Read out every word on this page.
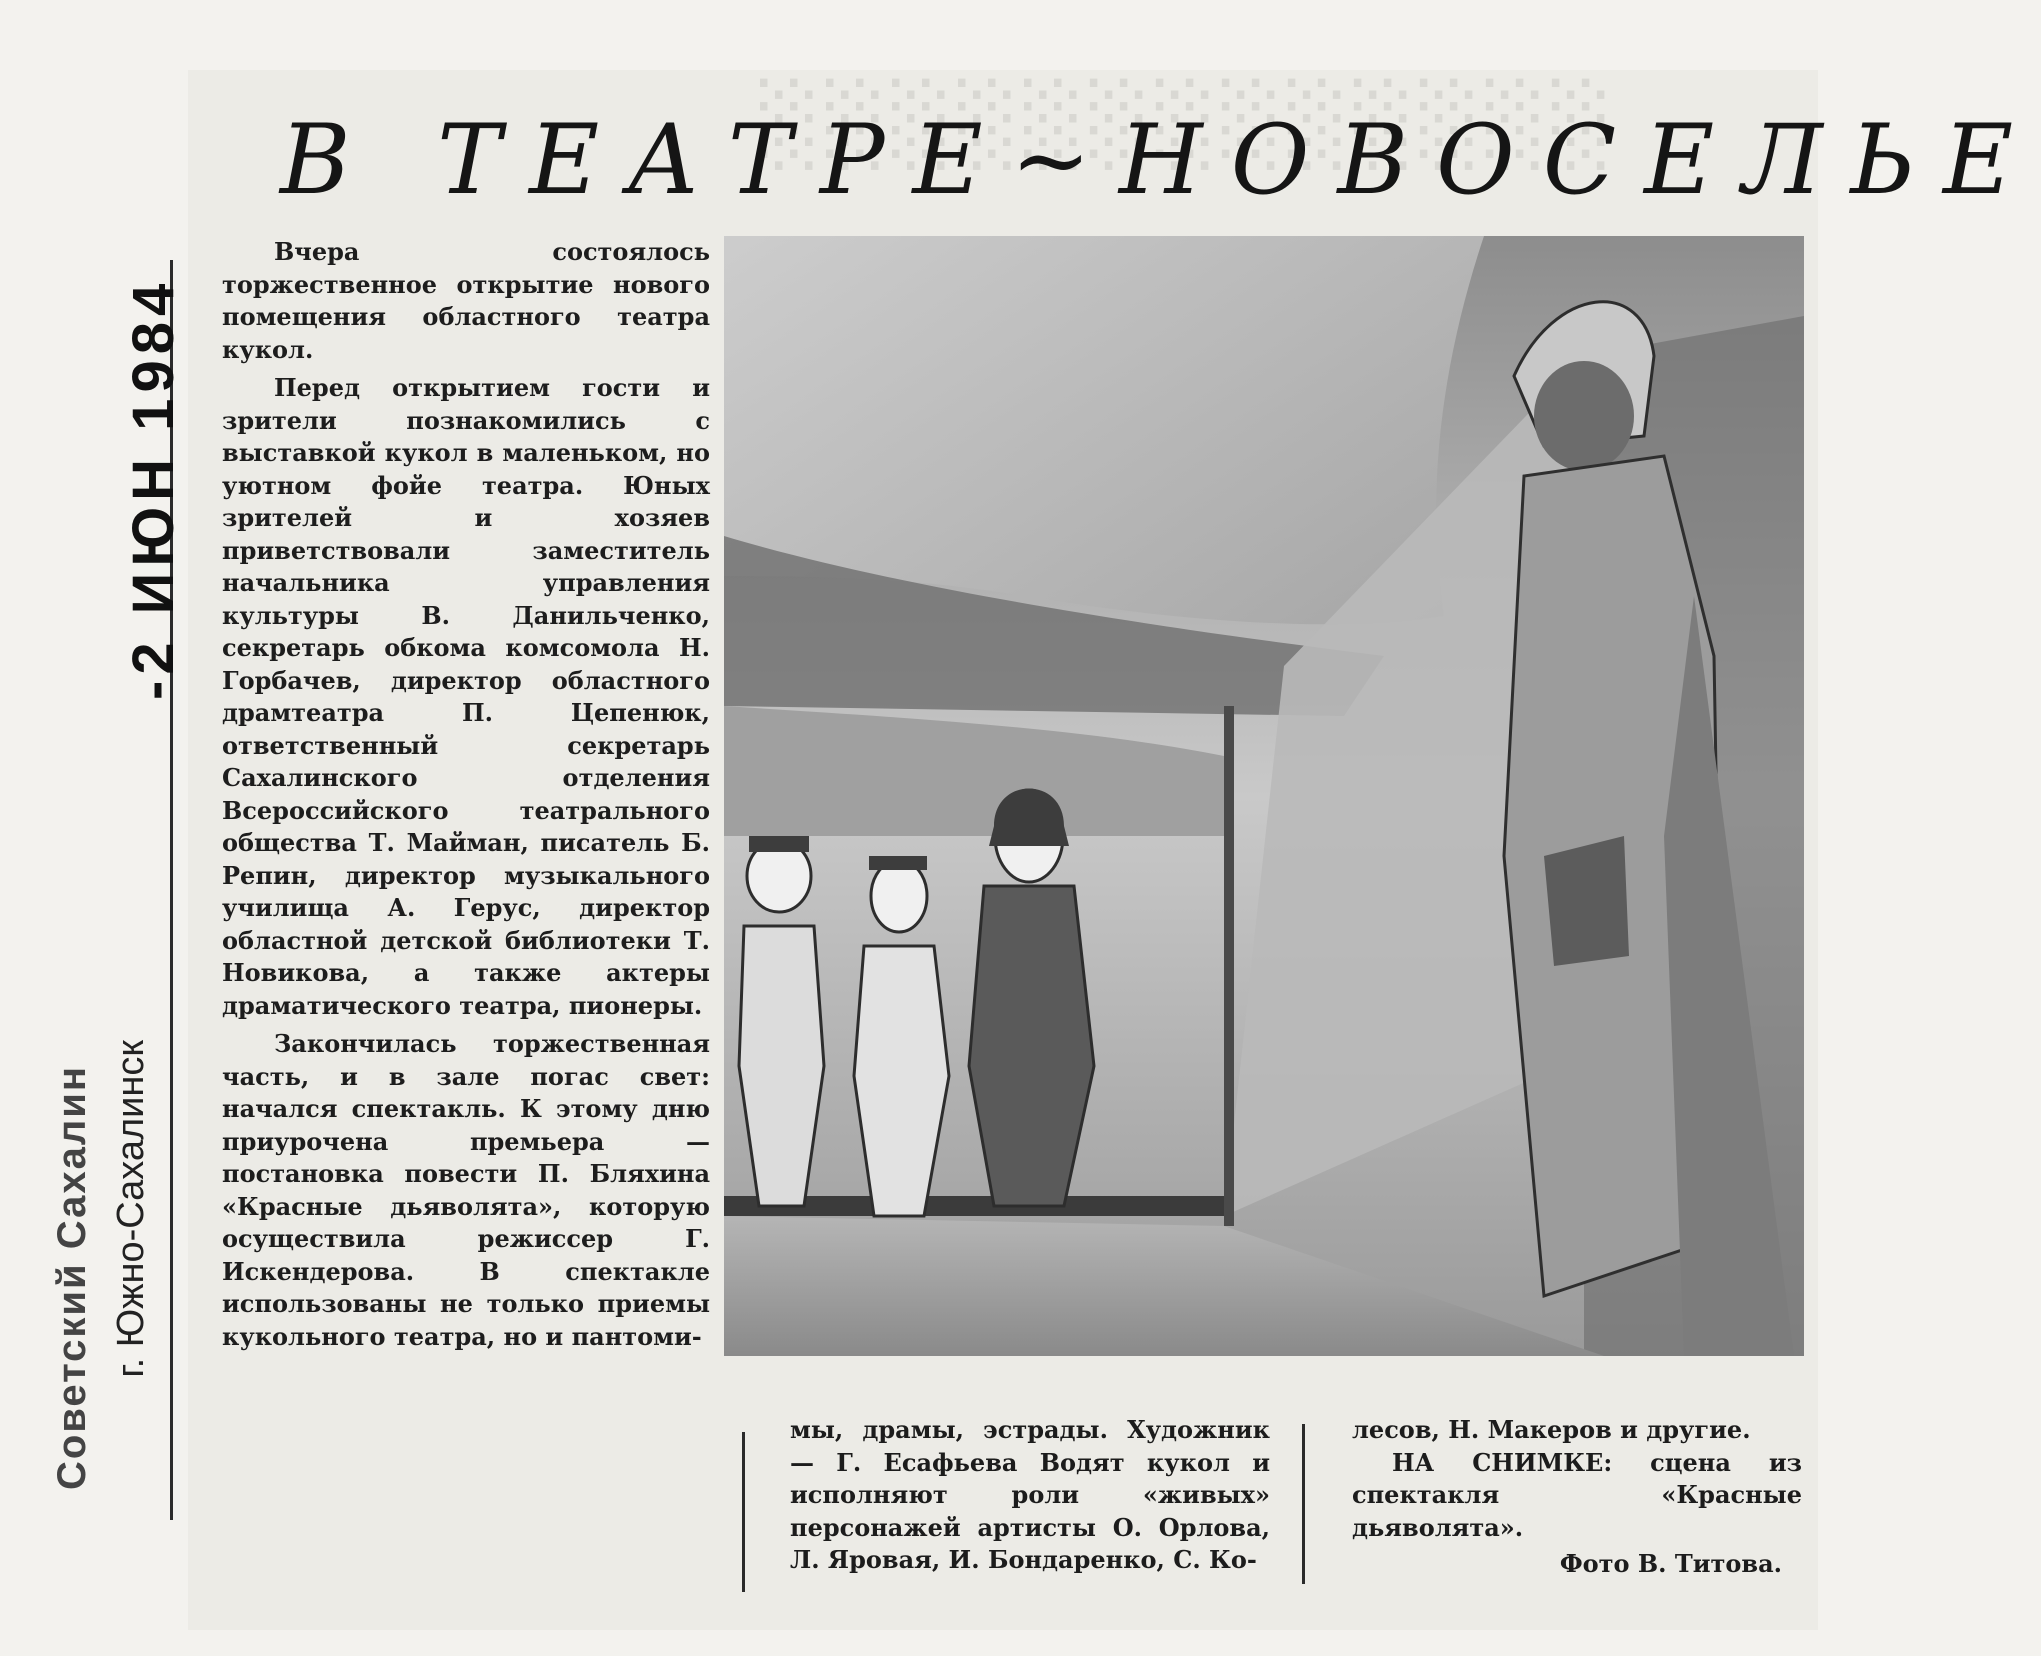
░░░░░░░░░░░░░
В ТЕАТРЕ~НОВОСЕЛЬЕ
-2 ИЮН 1984
Советский Сахалин г. Южно-Сахалинск

Вчера состоялось торжественное открытие нового помещения областного театра кукол.

Перед открытием гости и зрители познакомились с выставкой кукол в маленьком, но уютном фойе театра. Юных зрителей и хозяев приветствовали заместитель начальника управления культуры В. Данильченко, секретарь обкома комсомола Н. Горбачев, директор областного драмтеатра П. Цепенюк, ответственный секретарь Сахалинского отделения Всероссийского театрального общества Т. Майман, писатель Б. Репин, директор музыкального училища А. Герус, директор областной детской библиотеки Т. Новикова, а также актеры драматического театра, пионеры.

Закончилась торжественная часть, и в зале погас свет: начался спектакль. К этому дню приурочена премьера — постановка повести П. Бляхина «Красные дьяволята», которую осуществила режиссер Г. Искендерова. В спектакле использованы не только приемы кукольного театра, но и пантоми-

мы, драмы, эстрады. Художник — Г. Есафьева Водят кукол и исполняют роли «живых» персонажей артисты О. Орлова, Л. Яровая, И. Бондаренко, С. Ко-

лесов, Н. Макеров и другие.

НА СНИМКЕ: сцена из спектакля «Красные дьяволята».

Фото В. Титова.
